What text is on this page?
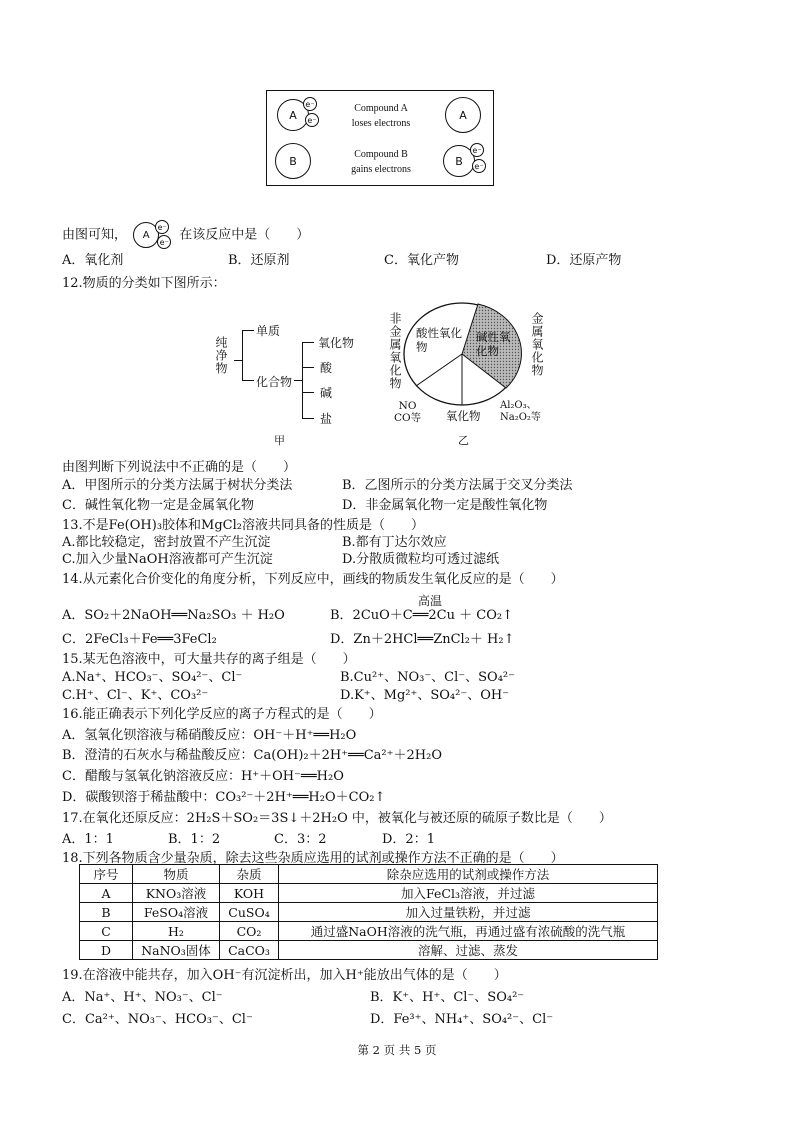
A
e⁻
e⁻
Compound A
loses electrons
A
B	Compound B
gains electrons
B
e⁻
e⁻
由图可知，	A
e⁻
e⁻ 在该反应中是（　　）
A．氧化剂	B．还原剂	C．氧化产物	D．还原产物
12.物质的分类如下图所示：
纯净物
单质
化合物
氧化物
酸
碱
盐
甲
非金属氧化物	金属氧化物
酸性氧化物
碱性氧化物
NO
CO等 氧化物
Al₂O₃、
Na₂O₂等
乙
由图判断下列说法中不正确的是（　　）
A．甲图所示的分类方法属于树状分类法	B．乙图所示的分类方法属于交叉分类法
C．碱性氧化物一定是金属氧化物	D．非金属氧化物一定是酸性氧化物
13.不是Fe(OH)₃胶体和MgCl₂溶液共同具备的性质是（　　）
A.都比较稳定，密封放置不产生沉淀	B.都有丁达尔效应
C.加入少量NaOH溶液都可产生沉淀	D.分散质微粒均可透过滤纸
14.从元素化合价变化的角度分析，下列反应中，画线的物质发生氧化反应的是（　　）
高温
A．SO₂＋2NaOH══Na₂SO₃ ＋ H₂O	B．2CuO＋C══2Cu ＋ CO₂↑
C．2FeCl₃＋Fe══3FeCl₂	D．Zn＋2HCl══ZnCl₂＋ H₂↑
15.某无色溶液中，可大量共存的离子组是（　　）
A.Na⁺、HCO₃⁻、SO₄²⁻、Cl⁻	B.Cu²⁺、NO₃⁻、Cl⁻、SO₄²⁻
C.H⁺、Cl⁻、K⁺、CO₃²⁻	D.K⁺、Mg²⁺、SO₄²⁻、OH⁻
16.能正确表示下列化学反应的离子方程式的是（　　）
A．氢氧化钡溶液与稀硝酸反应：OH⁻＋H⁺══H₂O
B．澄清的石灰水与稀盐酸反应：Ca(OH)₂＋2H⁺══Ca²⁺＋2H₂O
C．醋酸与氢氧化钠溶液反应：H⁺＋OH⁻══H₂O
D．碳酸钡溶于稀盐酸中：CO₃²⁻＋2H⁺══H₂O＋CO₂↑
17.在氧化还原反应：2H₂S＋SO₂＝3S↓＋2H₂O 中，被氧化与被还原的硫原子数比是（　　）
A．1：1	B．1：2	C．3：2	D．2：1
18.下列各物质含少量杂质，除去这些杂质应选用的试剂或操作方法不正确的是（　　）
序号	物质	杂质	除杂应选用的试剂或操作方法
A	KNO₃溶液	KOH	加入FeCl₃溶液，并过滤
B	FeSO₄溶液	CuSO₄	加入过量铁粉，并过滤
C	H₂	CO₂	通过盛NaOH溶液的洗气瓶，再通过盛有浓硫酸的洗气瓶
D	NaNO₃固体	CaCO₃	溶解、过滤、蒸发
19.在溶液中能共存，加入OH⁻有沉淀析出，加入H⁺能放出气体的是（　　）
A．Na⁺、H⁺、NO₃⁻、Cl⁻	B．K⁺、H⁺、Cl⁻、SO₄²⁻
C．Ca²⁺、NO₃⁻、HCO₃⁻、Cl⁻	D．Fe³⁺、NH₄⁺、SO₄²⁻、Cl⁻
第 2 页 共 5 页
